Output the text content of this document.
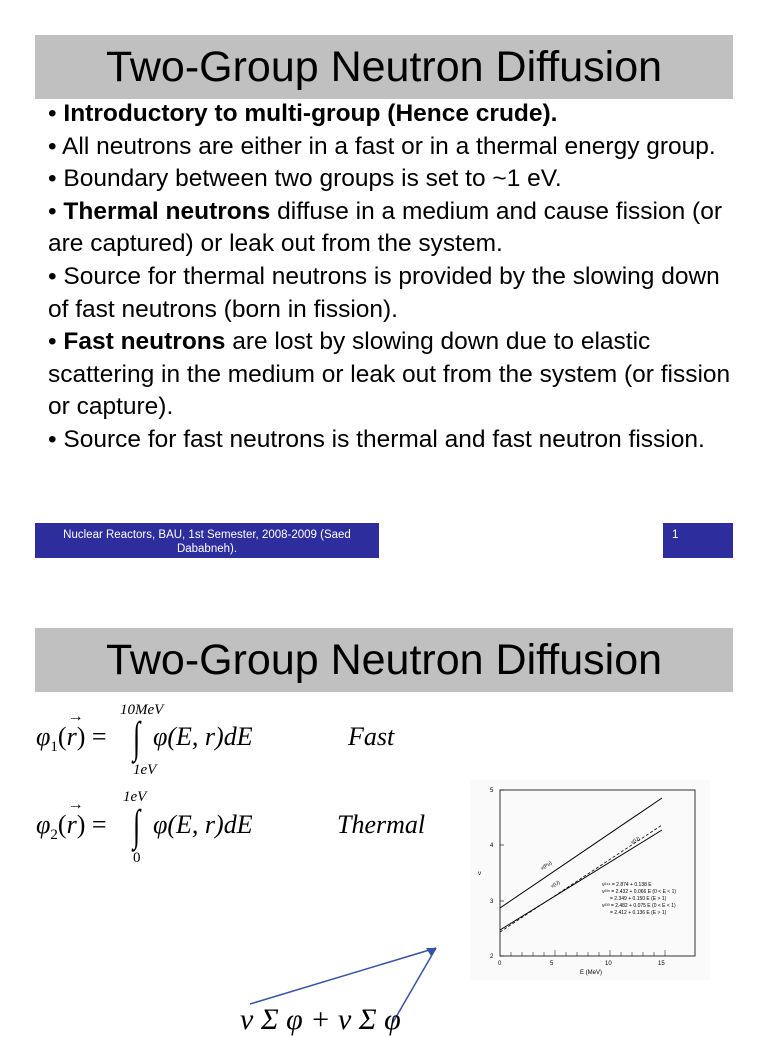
Two-Group Neutron Diffusion

• Introductory to multi-group (Hence crude).

• All neutrons are either in a fast or in a thermal energy group.

• Boundary between two groups is set to ~1 eV.

• Thermal neutrons diffuse in a medium and cause fission (or are captured) or leak out from the system.

• Source for thermal neutrons is provided by the slowing down of fast neutrons (born in fission).

• Fast neutrons are lost by slowing down due to elastic scattering in the medium or leak out from the system (or fission or capture).

• Source for fast neutrons is thermal and fast neutron fission.

Nuclear Reactors, BAU, 1st Semester, 2008-2009 (Saed Dababneh).
1
Two-Group Neutron Diffusion
10MeV
$\varphi_1(r$
→
) = ∫ φ(E, r)dE
1eV
Fast
1eV
$\varphi_2(r$
→
) = ∫ φ(E, r)dE
0
Thermal
ν Σ φ + ν Σ φ
5
4
3
2
ν
0	5	10	15
E (MeV)
ν(Pu)
ν(U)
ν(U)
ν²⁴⁹ = 2.874 + 0.138 E
ν²³⁵ = 2.432 + 0.066 E (0 < E < 1)
= 2.349 + 0.150 E (E > 1)
ν²³³ = 2.482 + 0.075 E (0 < E < 1)
= 2.412 + 0.136 E (E > 1)
